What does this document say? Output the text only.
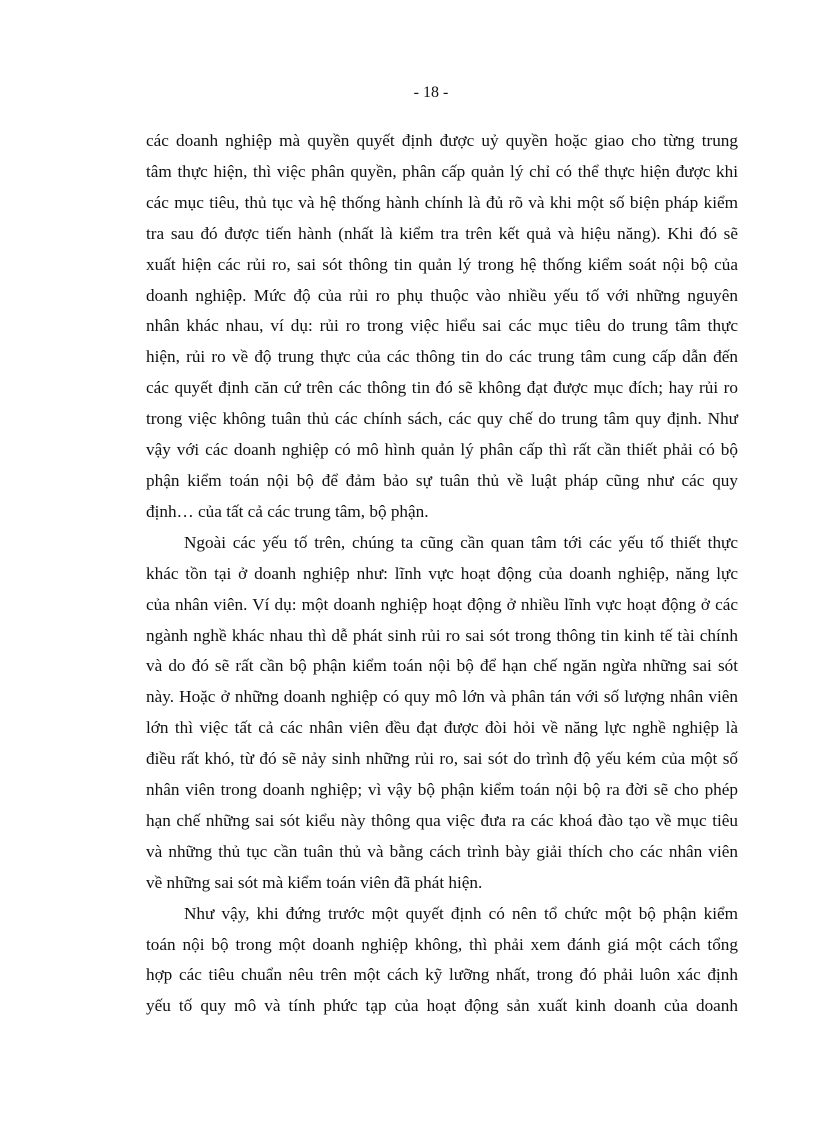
- 18 -

các doanh nghiệp mà quyền quyết định được uỷ quyền hoặc giao cho từng trung
tâm thực hiện, thì việc phân quyền, phân cấp quản lý chỉ có thể thực hiện được khi
các mục tiêu, thủ tục và hệ thống hành chính là đủ rõ và khi một số biện pháp kiểm
tra sau đó được tiến hành (nhất là kiểm tra trên kết quả và hiệu năng). Khi đó sẽ
xuất hiện các rủi ro, sai sót thông tin quản lý trong hệ thống kiểm soát nội bộ của
doanh nghiệp. Mức độ của rủi ro phụ thuộc vào nhiều yếu tố với những nguyên
nhân khác nhau, ví dụ: rủi ro trong việc hiểu sai các mục tiêu do trung tâm thực
hiện, rủi ro về độ trung thực của các thông tin do các trung tâm cung cấp dẫn đến
các quyết định căn cứ trên các thông tin đó sẽ không đạt được mục đích; hay rủi ro
trong việc không tuân thủ các chính sách, các quy chế do trung tâm quy định. Như
vậy với các doanh nghiệp có mô hình quản lý phân cấp thì rất cần thiết phải có bộ
phận kiểm toán nội bộ để đảm bảo sự tuân thủ về luật pháp cũng như các quy
định… của tất cả các trung tâm, bộ phận.

Ngoài các yếu tố trên, chúng ta cũng cần quan tâm tới các yếu tố thiết thực
khác tồn tại ở doanh nghiệp như: lĩnh vực hoạt động của doanh nghiệp, năng lực
của nhân viên. Ví dụ: một doanh nghiệp hoạt động ở nhiều lĩnh vực hoạt động ở các
ngành nghề khác nhau thì dễ phát sinh rủi ro sai sót trong thông tin kinh tế tài chính
và do đó sẽ rất cần bộ phận kiểm toán nội bộ để hạn chế ngăn ngừa những sai sót
này. Hoặc ở những doanh nghiệp có quy mô lớn và phân tán với số lượng nhân viên
lớn thì việc tất cả các nhân viên đều đạt được đòi hỏi về năng lực nghề nghiệp là
điều rất khó, từ đó sẽ nảy sinh những rủi ro, sai sót do trình độ yếu kém của một số
nhân viên trong doanh nghiệp; vì vậy bộ phận kiểm toán nội bộ ra đời sẽ cho phép
hạn chế những sai sót kiểu này thông qua việc đưa ra các khoá đào tạo về mục tiêu
và những thủ tục cần tuân thủ và bằng cách trình bày giải thích cho các nhân viên
về những sai sót mà kiểm toán viên đã phát hiện.

Như vậy, khi đứng trước một quyết định có nên tổ chức một bộ phận kiểm
toán nội bộ trong một doanh nghiệp không, thì phải xem đánh giá một cách tổng
hợp các tiêu chuẩn nêu trên một cách kỹ lưỡng nhất, trong đó phải luôn xác định
yếu tố quy mô và tính phức tạp của hoạt động sản xuất kinh doanh của doanh
